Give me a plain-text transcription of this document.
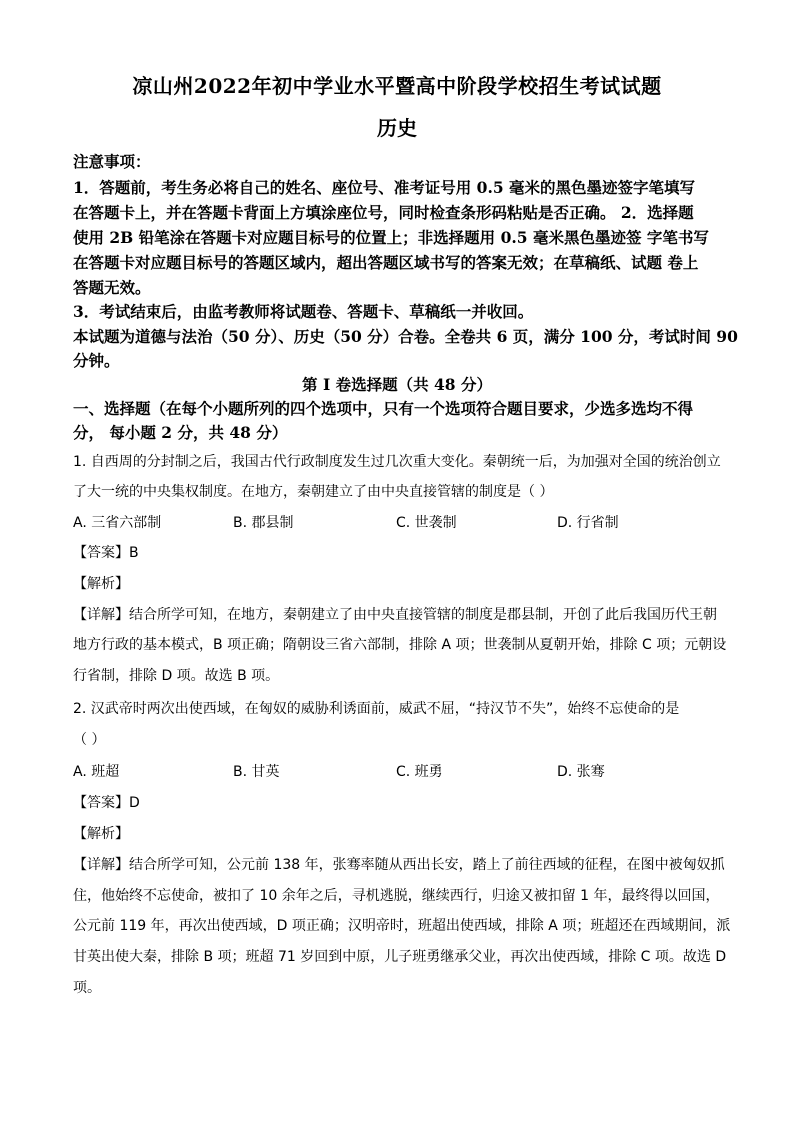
凉山州2022年初中学业水平暨高中阶段学校招生考试试题
历史
注意事项：
1．答题前，考生务必将自己的姓名、座位号、准考证号用 0.5 毫米的黑色墨迹签字笔填写
在答题卡上，并在答题卡背面上方填涂座位号，同时检查条形码粘贴是否正确。 2．选择题
使用 2B 铅笔涂在答题卡对应题目标号的位置上；非选择题用 0.5 毫米黑色墨迹签 字笔书写
在答题卡对应题目标号的答题区域内，超出答题区域书写的答案无效；在草稿纸、试题 卷上
答题无效。
3．考试结束后，由监考教师将试题卷、答题卡、草稿纸一并收回。
本试题为道德与法治（50 分）、历史（50 分）合卷。全卷共 6 页，满分 100 分，考试时间 90
分钟。
第 I 卷选择题（共 48 分）
一、选择题（在每个小题所列的四个选项中，只有一个选项符合题目要求，少选多选均不得
分， 每小题 2 分，共 48 分）
1. 自西周的分封制之后，我国古代行政制度发生过几次重大变化。秦朝统一后，为加强对全国的统治创立
了大一统的中央集权制度。在地方，秦朝建立了由中央直接管辖的制度是（ ）
A. 三省六部制	B. 郡县制	C. 世袭制	D. 行省制
【答案】B
【解析】
【详解】结合所学可知，在地方，秦朝建立了由中央直接管辖的制度是郡县制，开创了此后我国历代王朝
地方行政的基本模式，B 项正确；隋朝设三省六部制，排除 A 项；世袭制从夏朝开始，排除 C 项；元朝设
行省制，排除 D 项。故选 B 项。
2. 汉武帝时两次出使西域，在匈奴的威胁利诱面前，威武不屈，“持汉节不失”，始终不忘使命的是
（ ）
A. 班超	B. 甘英	C. 班勇	D. 张骞
【答案】D
【解析】
【详解】结合所学可知，公元前 138 年，张骞率随从西出长安，踏上了前往西域的征程，在图中被匈奴抓
住，他始终不忘使命，被扣了 10 余年之后，寻机逃脱，继续西行，归途又被扣留 1 年，最终得以回国，
公元前 119 年，再次出使西域，D 项正确；汉明帝时，班超出使西域，排除 A 项；班超还在西域期间，派
甘英出使大秦，排除 B 项；班超 71 岁回到中原，儿子班勇继承父业，再次出使西域，排除 C 项。故选 D
项。
